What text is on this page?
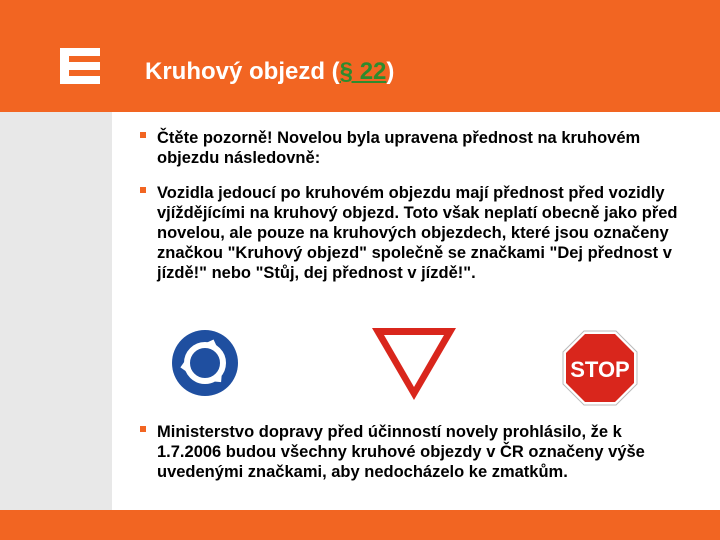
Kruhový objezd (§ 22)

Čtěte pozorně! Novelou byla upravena přednost na kruhovém objezdu následovně:

Vozidla jedoucí po kruhovém objezdu mají přednost před vozidly vjíždějícími na kruhový objezd. Toto však neplatí obecně jako před novelou, ale pouze na kruhových objezdech, které jsou označeny značkou "Kruhový objezd" společně se značkami "Dej přednost v jízdě!" nebo "Stůj, dej přednost v jízdě!".

STOP

Ministerstvo dopravy před účinností novely prohlásilo, že k 1.7.2006 budou všechny kruhové objezdy v ČR označeny výše uvedenými značkami, aby nedocházelo ke zmatkům.
